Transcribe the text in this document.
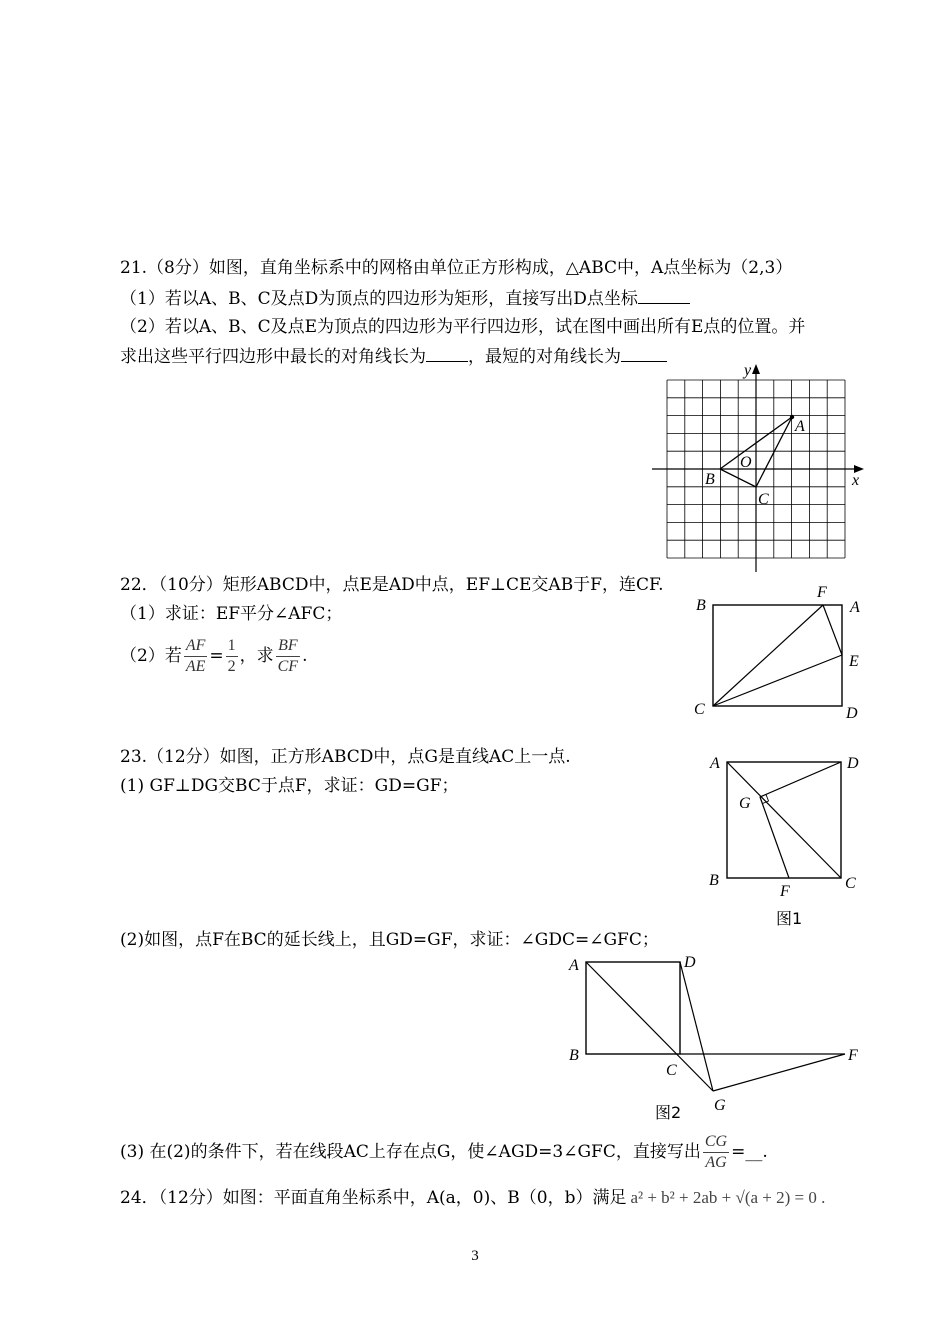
21.（8分）如图，直角坐标系中的网格由单位正方形构成，△ABC中，A点坐标为（2,3）
（1）若以A、B、C及点D为顶点的四边形为矩形，直接写出D点坐标
（2）若以A、B、C及点E为顶点的四边形为平行四边形，试在图中画出所有E点的位置。并
求出这些平行四边形中最长的对角线长为 ，最短的对角线长为
y
x
A
B
C
O
22．（10分）矩形ABCD中，点E是AD中点，EF⊥CE交AB于F，连CF.
（1）求证：EF平分∠AFC；
（2）若 $\frac{AF}{AE} = \frac{1}{2}$ ，求 $\frac{BF}{CF}$ .
B
F
A
E
C	D
23.（12分）如图，正方形ABCD中，点G是直线AC上一点.
(1) GF⊥DG交BC于点F，求证：GD=GF；
A	D
G
B
F	C
图1
(2)如图，点F在BC的延长线上，且GD=GF，求证：∠GDC=∠GFC；
A	D
B
C
F
G
图2
(3) 在(2)的条件下，若在线段AC上存在点G，使∠AGD=3∠GFC，直接写出 $\frac{CG}{AG}$ =__.
24．（12分）如图：平面直角坐标系中，A(a，0)、B（0，b）满足 a² + b² + 2ab + √(a + 2) = 0 .
3
